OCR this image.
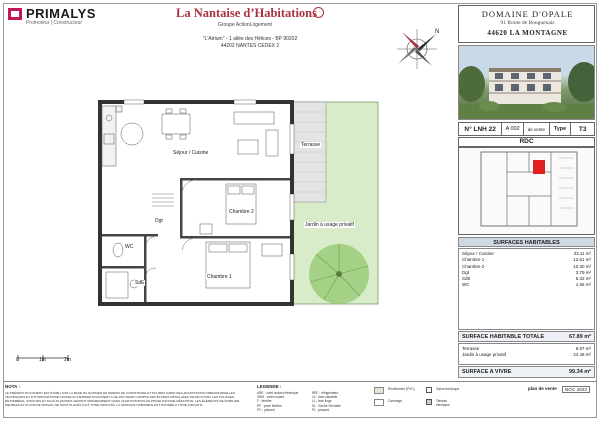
PRIMALYS
Promoteur | Constructeur
La Nantaise d’Habitations
Groupe ActionLogement
"L'Atrium" - 1 allée des Hélices - BP 90202
44202 NANTES CEDEX 2
N
DOMAINE D'OPALE
91 Route de Bouguenais
44620 LA MONTAGNE
N° LNH 22	A 002	de vente	Type	T3
RDC
SURFACES HABITABLES
Séjour / Cuisine	33.11 m²
Chambre 1	13.61 m²
Chambre 2	10.30 m²
Dgt	3.79 m²
SdE	5.32 m²
WC	1.56 m²
SURFACE HABITABLE TOTALE	67.89 m²
Terrasse	6.97 m²
Jardin à usage privatif	24.48 m²
SURFACE A VIVRE	99.34 m²
Séjour / Cuisine
Chambre 2
Chambre 1
Dgt
WC
SdE
Terrasse
Jardin à usage privatif
0	1m	2m
NOTA :
LE PRÉSENT DOCUMENT EST ÉTABLI SUR LA BASE DU DOSSIER DE PERMIS DE CONSTRUIRE ET POURRA SUBIR DES ADAPTATIONS DIMENSIONNELLES, TECHNIQUES ET D'HYDROGRAPHIE A PRISE AU DERNIER DOCUMENT A NE PAS TENIR COMPTE DES ÉTUDES DÉTAILLÉES D'EXÉCUTION. LES POUTRES, RETOMBÉES, SOFFITES ET FAUX-PLAFONDS SERONT APPAREMMENT DANS LEUR POSITION EN PHASE D'ÉTUDE DÉFINITIVE. LES ÉLÉMENTS DE MOBILIER, MEUBLES ET PLANS DE TRAVAIL NE SONT PLACÉS QU'À TITRE INDICATIF. LA SURFACE HABITABLE EST DONNÉE À TITRE INDICATIF.
LEGENDE :
ARE : volet roulant électrique	REF : réfrigérateur
VRM : volet roulant	LV : lave vaisselle
F : fenêtre	LL : lave linge
PF : porte fenêtre	SL : Sèche Serviette
PC : placard	PL : placard
Revêtement (PVC)
Carrelage
Gaine technique
Tableau électrique
plan de vente	NOV. 2023
